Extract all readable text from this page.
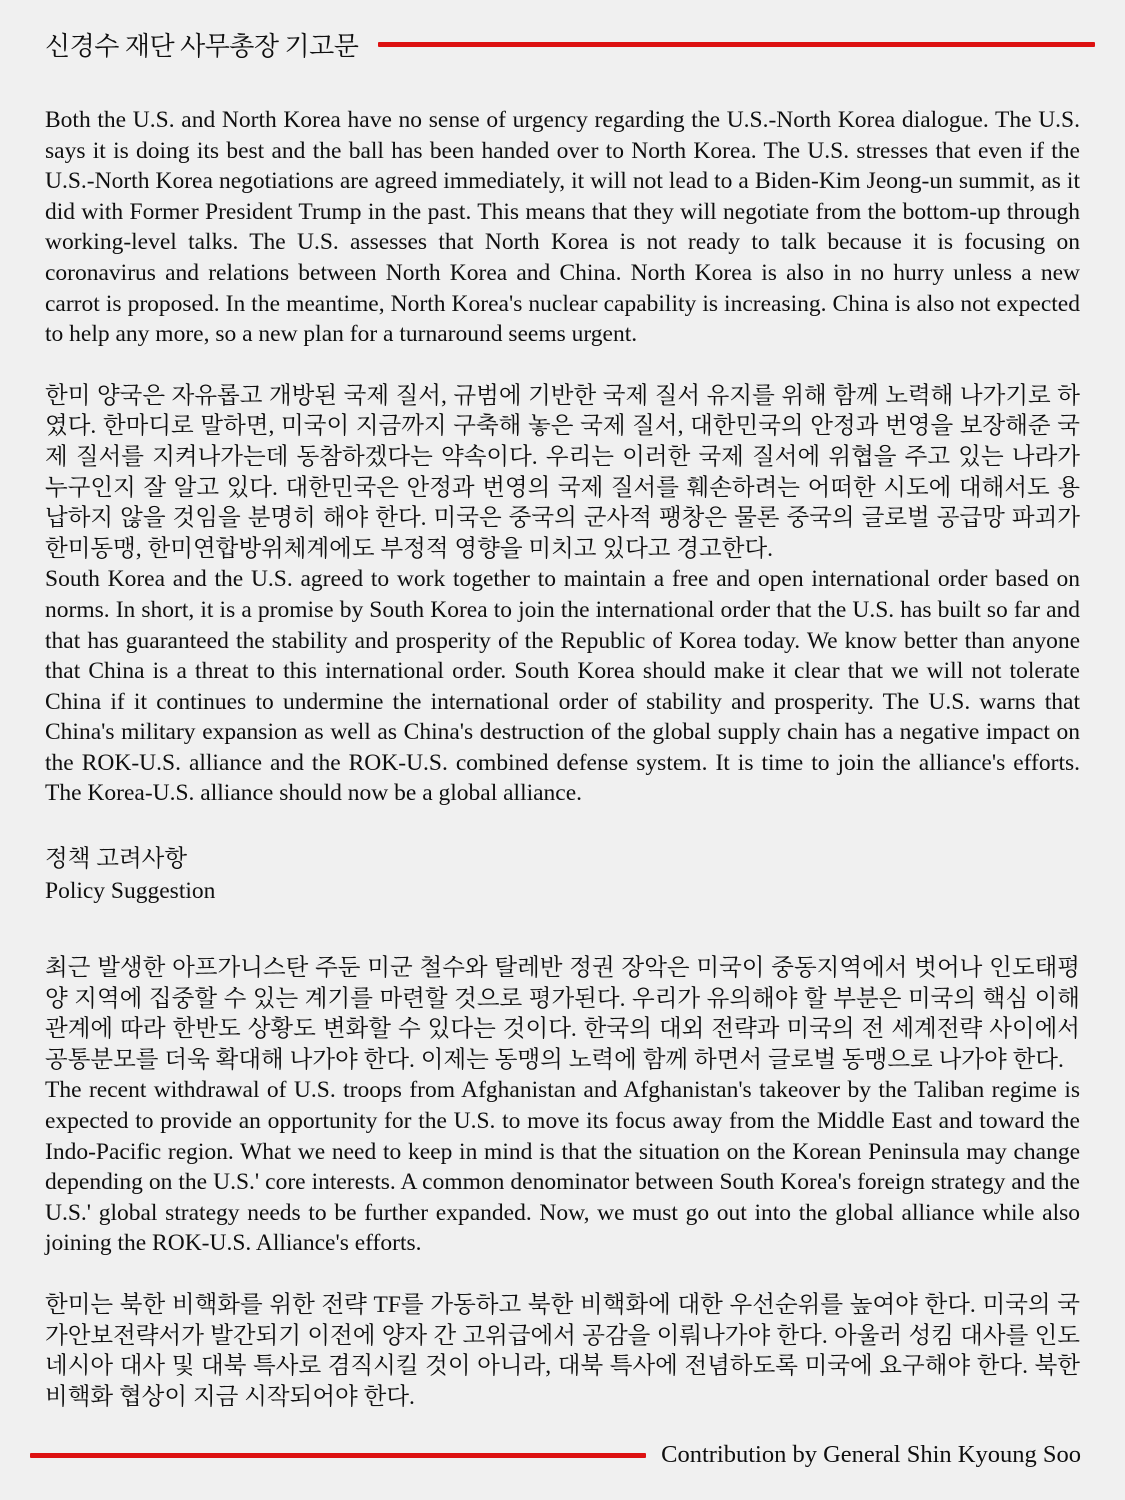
신경수 재단 사무총장 기고문

Both the U.S. and North Korea have no sense of urgency regarding the U.S.-North Korea dialogue. The U.S. says it is doing its best and the ball has been handed over to North Korea. The U.S. stresses that even if the U.S.-North Korea negotiations are agreed immediately, it will not lead to a Biden-Kim Jeong-un summit, as it did with Former President Trump in the past. This means that they will negotiate from the bottom-up through working-level talks. The U.S. assesses that North Korea is not ready to talk because it is focusing on coronavirus and relations between North Korea and China. North Korea is also in no hurry unless a new carrot is proposed. In the meantime, North Korea's nuclear capability is increasing. China is also not expected to help any more, so a new plan for a turnaround seems urgent.

한미 양국은 자유롭고 개방된 국제 질서, 규범에 기반한 국제 질서 유지를 위해 함께 노력해 나가기로 하였다. 한마디로 말하면, 미국이 지금까지 구축해 놓은 국제 질서, 대한민국의 안정과 번영을 보장해준 국제 질서를 지켜나가는데 동참하겠다는 약속이다. 우리는 이러한 국제 질서에 위협을 주고 있는 나라가 누구인지 잘 알고 있다. 대한민국은 안정과 번영의 국제 질서를 훼손하려는 어떠한 시도에 대해서도 용납하지 않을 것임을 분명히 해야 한다. 미국은 중국의 군사적 팽창은 물론 중국의 글로벌 공급망 파괴가 한미동맹, 한미연합방위체계에도 부정적 영향을 미치고 있다고 경고한다.

South Korea and the U.S. agreed to work together to maintain a free and open international order based on norms. In short, it is a promise by South Korea to join the international order that the U.S. has built so far and that has guaranteed the stability and prosperity of the Republic of Korea today. We know better than anyone that China is a threat to this international order. South Korea should make it clear that we will not tolerate China if it continues to undermine the international order of stability and prosperity. The U.S. warns that China's military expansion as well as China's destruction of the global supply chain has a negative impact on the ROK-U.S. alliance and the ROK-U.S. combined defense system. It is time to join the alliance's efforts. The Korea-U.S. alliance should now be a global alliance.

정책 고려사항

Policy Suggestion

최근 발생한 아프가니스탄 주둔 미군 철수와 탈레반 정권 장악은 미국이 중동지역에서 벗어나 인도태평양 지역에 집중할 수 있는 계기를 마련할 것으로 평가된다. 우리가 유의해야 할 부분은 미국의 핵심 이해관계에 따라 한반도 상황도 변화할 수 있다는 것이다. 한국의 대외 전략과 미국의 전 세계전략 사이에서 공통분모를 더욱 확대해 나가야 한다. 이제는 동맹의 노력에 함께 하면서 글로벌 동맹으로 나가야 한다.

The recent withdrawal of U.S. troops from Afghanistan and Afghanistan's takeover by the Taliban regime is expected to provide an opportunity for the U.S. to move its focus away from the Middle East and toward the Indo-Pacific region. What we need to keep in mind is that the situation on the Korean Peninsula may change depending on the U.S.' core interests. A common denominator between South Korea's foreign strategy and the U.S.' global strategy needs to be further expanded. Now, we must go out into the global alliance while also joining the ROK-U.S. Alliance's efforts.

한미는 북한 비핵화를 위한 전략 TF를 가동하고 북한 비핵화에 대한 우선순위를 높여야 한다. 미국의 국가안보전략서가 발간되기 이전에 양자 간 고위급에서 공감을 이뤄나가야 한다. 아울러 성킴 대사를 인도네시아 대사 및 대북 특사로 겸직시킬 것이 아니라, 대북 특사에 전념하도록 미국에 요구해야 한다. 북한 비핵화 협상이 지금 시작되어야 한다.

Contribution by General Shin Kyoung Soo
